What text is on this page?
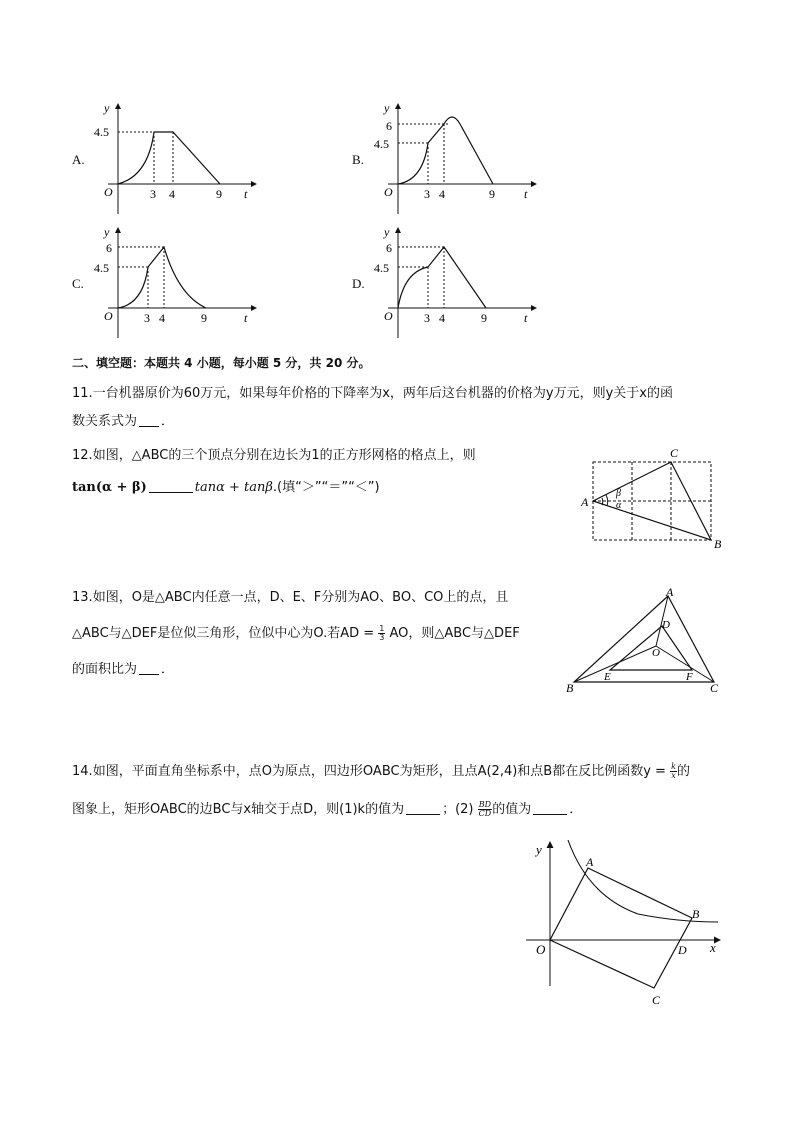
A.
y
t
O
4.5
3 4	9
B.
y
t
O
6
4.5
3 4	9
C.
y
t
O
6
4.5
3 4	9
D.
y
t
O
6
4.5
3 4	9
二、填空题：本题共 4 小题，每小题 5 分，共 20 分。
11.一台机器原价为60万元，如果每年价格的下降率为x，两年后这台机器的价格为y万元，则y关于x的函
数关系式为 ．
12.如图，△ABC的三个顶点分别在边长为1的正方形网格的格点上，则
tan(α + β)	tanα + tanβ.(填“＞”“＝”“＜”)
A
B
C
β
α
13.如图，O是△ABC内任意一点，D、E、F分别为AO、BO、CO上的点，且
△ABC与△DEF是位似三角形，位似中心为O.若AD = $\frac{1}{3}$ AO，则△ABC与△DEF
的面积比为 ．
A
B	C
D
E	F
O
14.如图，平面直角坐标系中，点O为原点，四边形OABC为矩形，且点A(2,4)和点B都在反比例函数$y = \frac{k}{x}$ 的
图象上，矩形OABC的边BC与x轴交于点D，则(1)k的值为	；$(2) \frac{BD}{CD}$ 的值为	．
y
x
O
A
B
D
C
